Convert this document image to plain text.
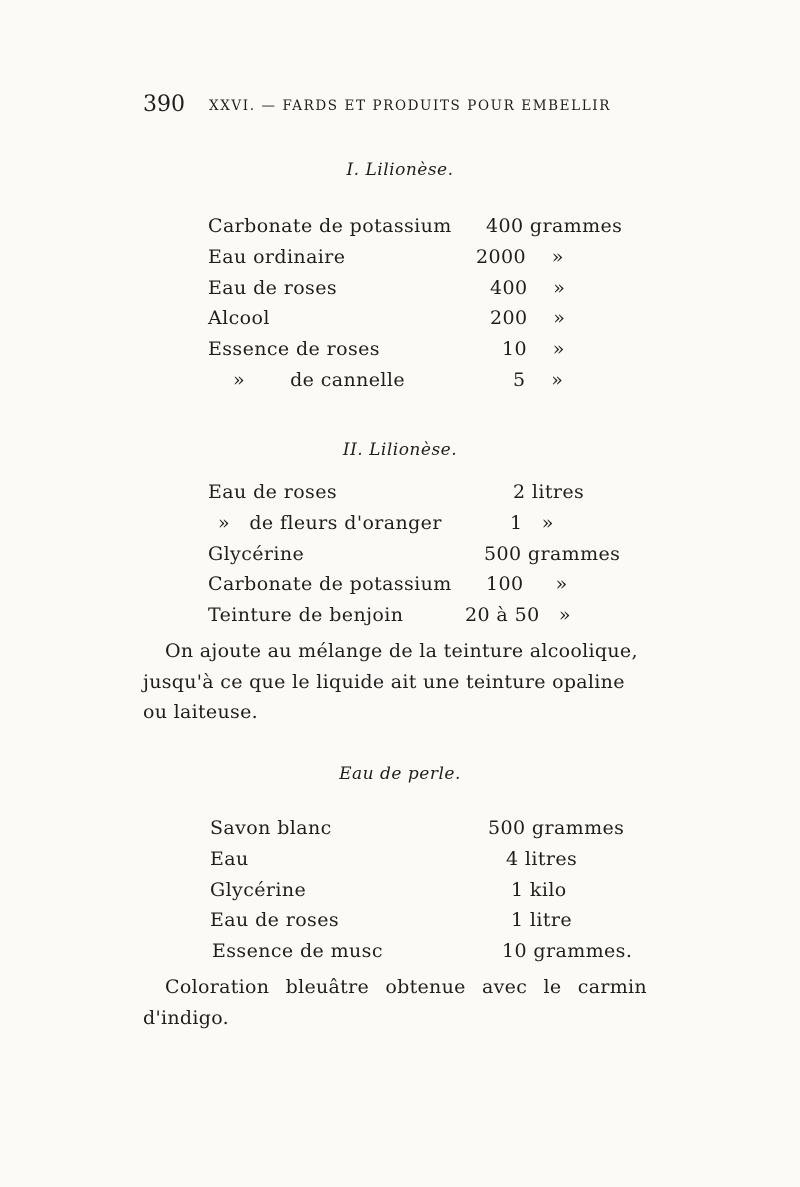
390 XXVI. — FARDS ET PRODUITS POUR EMBELLIR
I. Lilionèse.
Carbonate de potassium 400 grammes
Eau ordinaire	2000    »
Eau de roses	400    »
Alcool	200    »
Essence de roses	10    »
»       de cannelle	5    »
II. Lilionèse.
Eau de roses	2 litres
»   de fleurs d'oranger	1   »
Glycérine	500 grammes
Carbonate de potassium 100     »
Teinture de benjoin	20 à 50   »
On ajoute au mélange de la teinture alcoolique,
jusqu'à ce que le liquide ait une teinture opaline
ou laiteuse.
Eau de perle.
Savon blanc	500 grammes
Eau	4 litres
Glycérine	1 kilo
Eau de roses	1 litre
Essence de musc	10 grammes.
Coloration bleuâtre obtenue avec le carmin
d'indigo.
